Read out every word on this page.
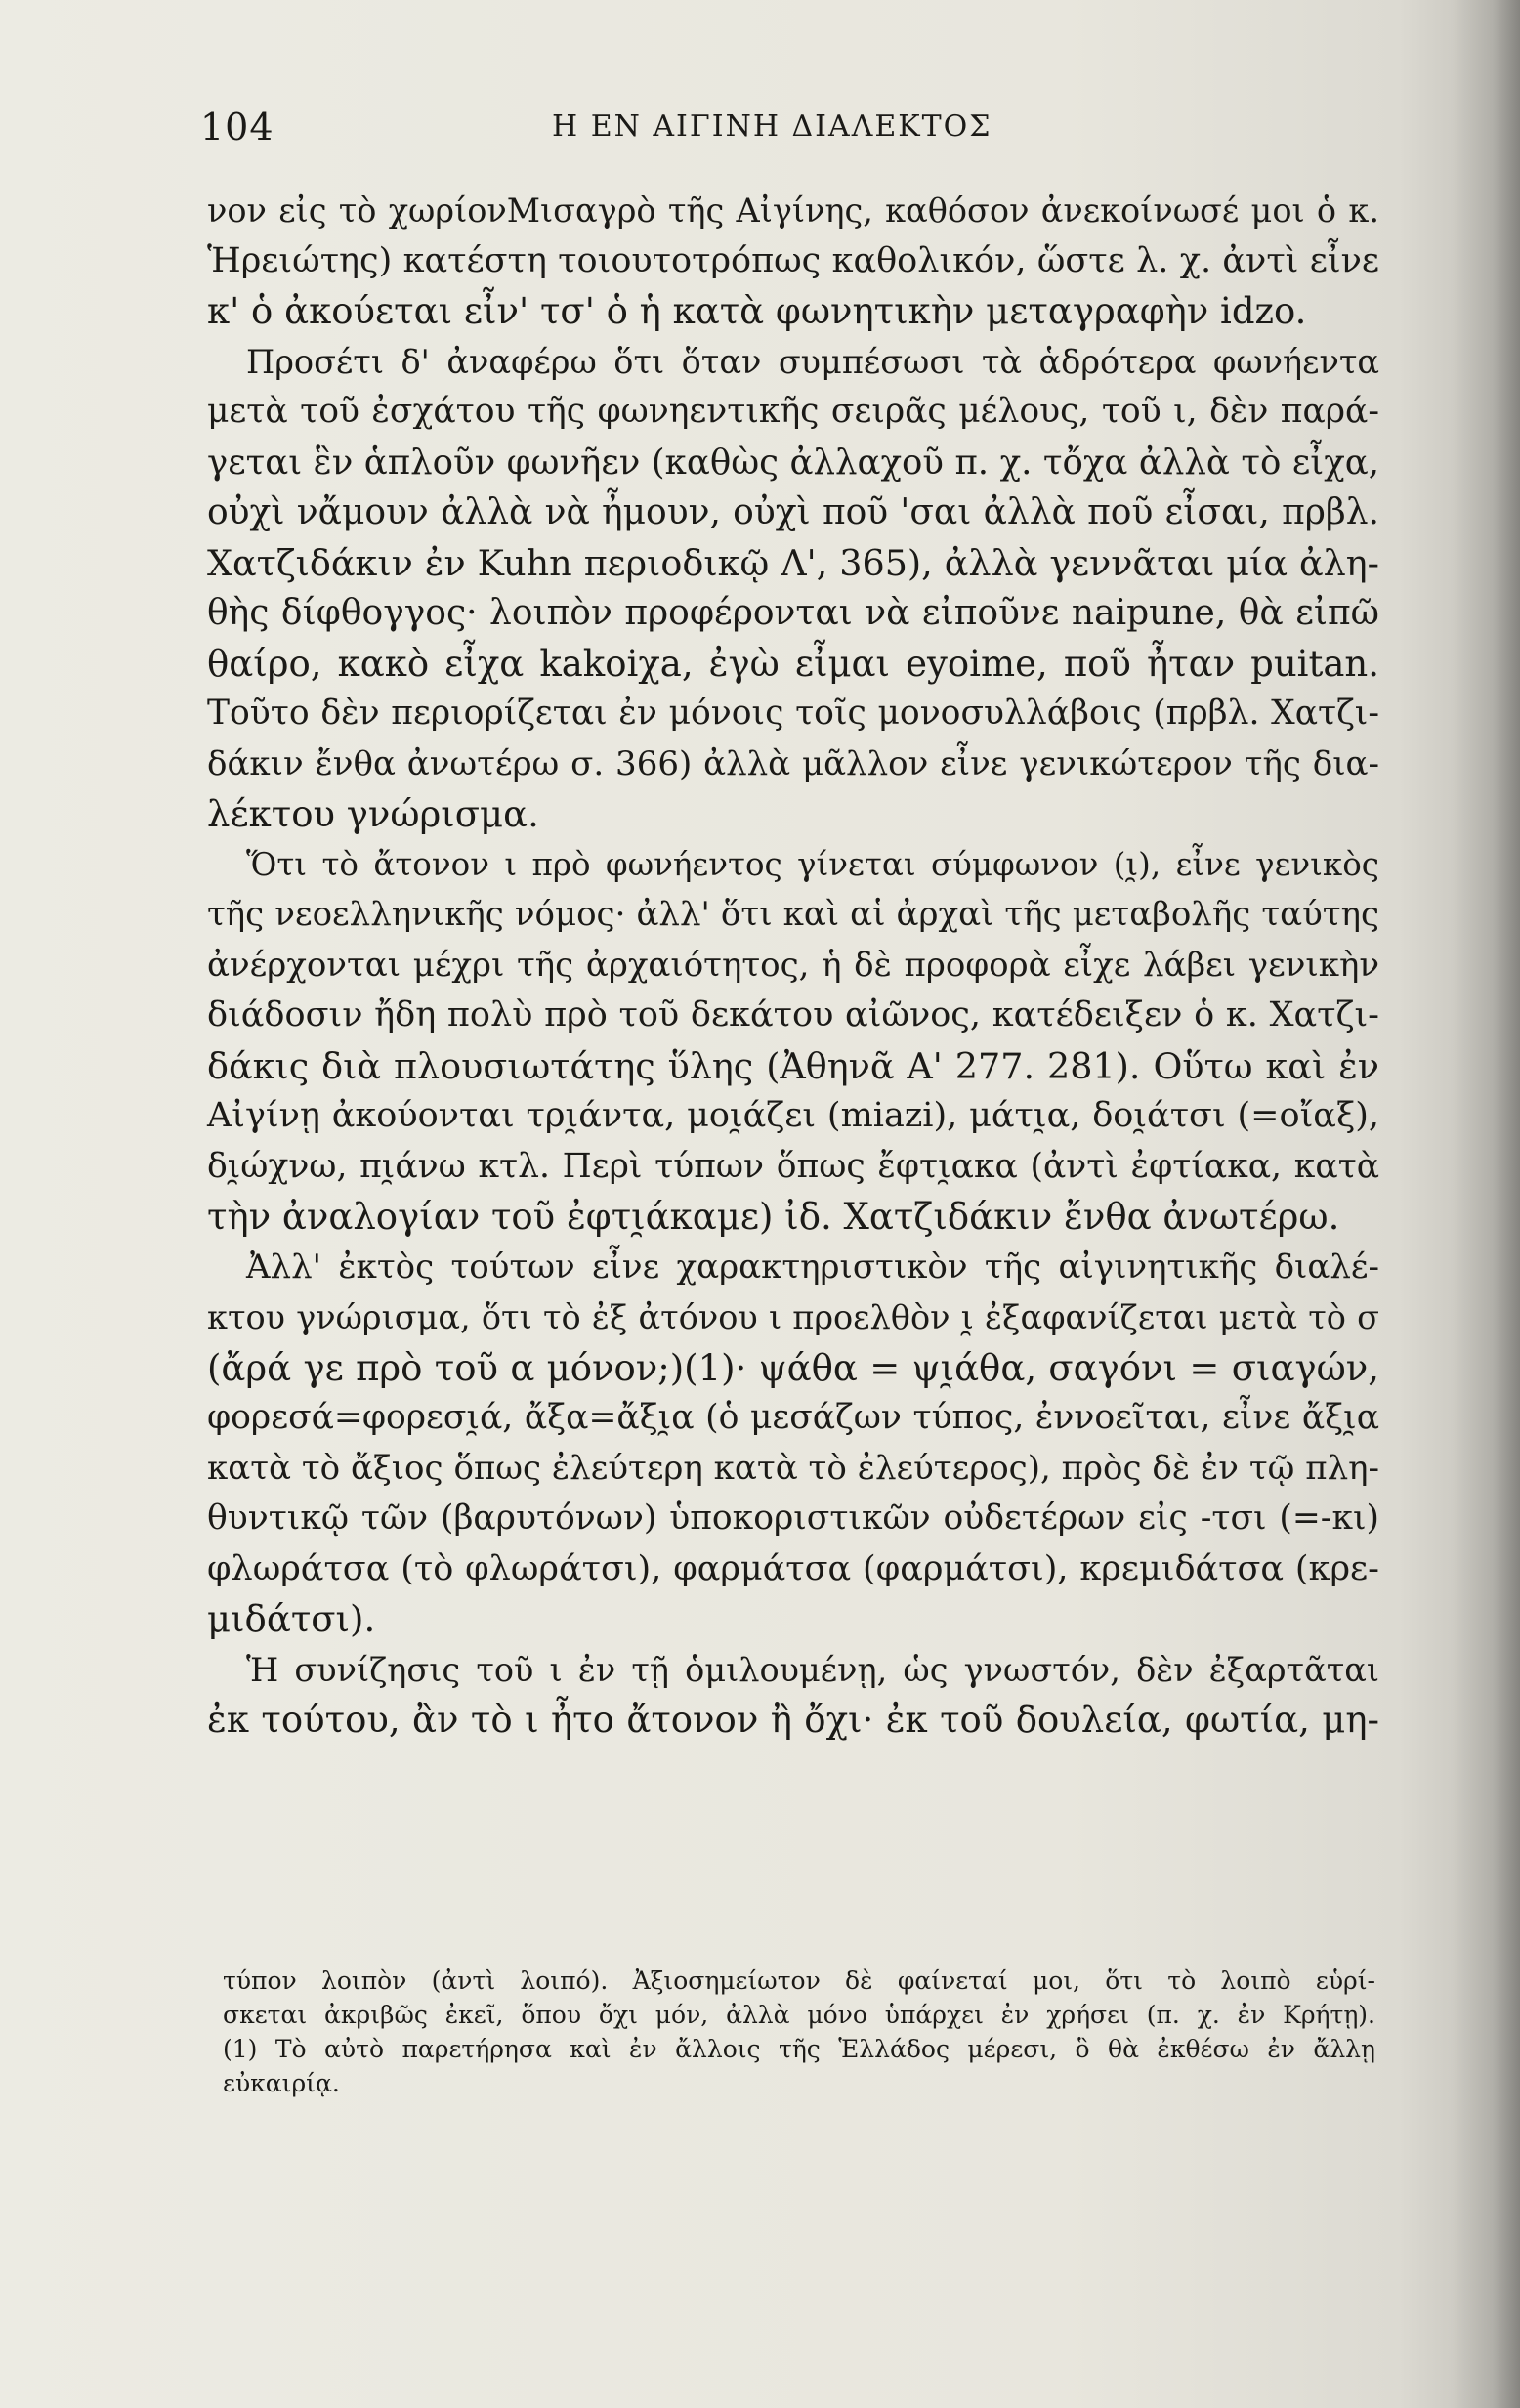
104	Η ΕΝ ΑΙΓΙΝΗ ΔΙΑΛΕΚΤΟΣ
νον εἰς τὸ χωρίονΜισαγρὸ τῆς Αἰγίνης, καθόσον ἀνεκοίνωσέ μοι ὁ κ.
Ἡρειώτης) κατέστη τοιουτοτρόπως καθολικόν, ὥστε λ. χ. ἀντὶ εἶνε
κ' ὁ ἀκούεται εἶν' τσ' ὁ ἡ κατὰ φωνητικὴν μεταγραφὴν idzo.
Προσέτι δ' ἀναφέρω ὅτι ὅταν συμπέσωσι τὰ ἁδρότερα φωνήεντα
μετὰ τοῦ ἐσχάτου τῆς φωνηεντικῆς σειρᾶς μέλους, τοῦ ι, δὲν παρά-
γεται ἓν ἁπλοῦν φωνῆεν (καθὼς ἀλλαχοῦ π. χ. τὄχα ἀλλὰ τὸ εἶχα,
οὐχὶ νἄμουν ἀλλὰ νὰ ἦμουν, οὐχὶ ποῦ 'σαι ἀλλὰ ποῦ εἶσαι, πρβλ.
Χατζιδάκιν ἐν Kuhn περιοδικῷ Λ', 365), ἀλλὰ γεννᾶται μία ἀλη-
θὴς δίφθογγος· λοιπὸν προφέρονται νὰ εἰποῦνε naipune, θὰ εἰπῶ
θαίρο, κακὸ εἶχα kakoiχa, ἐγὼ εἶμαι eyoime, ποῦ ἦταν puitan.
Τοῦτο δὲν περιορίζεται ἐν μόνοις τοῖς μονοσυλλάβοις (πρβλ. Χατζι-
δάκιν ἔνθα ἀνωτέρω σ. 366) ἀλλὰ μᾶλλον εἶνε γενικώτερον τῆς δια-
λέκτου γνώρισμα.
Ὅτι τὸ ἄτονον ι πρὸ φωνήεντος γίνεται σύμφωνον (ι̯), εἶνε γενικὸς
τῆς νεοελληνικῆς νόμος· ἀλλ' ὅτι καὶ αἱ ἀρχαὶ τῆς μεταβολῆς ταύτης
ἀνέρχονται μέχρι τῆς ἀρχαιότητος, ἡ δὲ προφορὰ εἶχε λάβει γενικὴν
διάδοσιν ἤδη πολὺ πρὸ τοῦ δεκάτου αἰῶνος, κατέδειξεν ὁ κ. Χατζι-
δάκις διὰ πλουσιωτάτης ὕλης (Ἀθηνᾶ Α' 277. 281). Οὕτω καὶ ἐν
Αἰγίνῃ ἀκούονται τρι̯άντα, μοι̯άζει (miazi), μάτι̯α, δοι̯άτσι (=οἴαξ),
δι̯ώχνω, πι̯άνω κτλ. Περὶ τύπων ὅπως ἔφτι̯ακα (ἀντὶ ἐφτίακα, κατὰ
τὴν ἀναλογίαν τοῦ ἐφτι̯άκαμε) ἰδ. Χατζιδάκιν ἔνθα ἀνωτέρω.
Ἀλλ' ἐκτὸς τούτων εἶνε χαρακτηριστικὸν τῆς αἰγινητικῆς διαλέ-
κτου γνώρισμα, ὅτι τὸ ἐξ ἀτόνου ι προελθὸν ι̯ ἐξαφανίζεται μετὰ τὸ σ
(ἄρά γε πρὸ τοῦ α μόνον;)(1)· ψάθα = ψι̯άθα, σαγόνι = σιαγών,
φορεσά=φορεσι̯ά, ἄξα=ἄξι̯α (ὁ μεσάζων τύπος, ἐννοεῖται, εἶνε ἄξι̯α
κατὰ τὸ ἄξιος ὅπως ἐλεύτερη κατὰ τὸ ἐλεύτερος), πρὸς δὲ ἐν τῷ πλη-
θυντικῷ τῶν (βαρυτόνων) ὑποκοριστικῶν οὐδετέρων εἰς -τσι (=-κι)
φλωράτσα (τὸ φλωράτσι), φαρμάτσα (φαρμάτσι), κρεμιδάτσα (κρε-
μιδάτσι).
Ἡ συνίζησις τοῦ ι ἐν τῇ ὁμιλουμένῃ, ὡς γνωστόν, δὲν ἐξαρτᾶται
ἐκ τούτου, ἂν τὸ ι ἦτο ἄτονον ἢ ὄχι· ἐκ τοῦ δουλεία, φωτία, μη-
τύπον λοιπὸν (ἀντὶ λοιπό). Ἀξιοσημείωτον δὲ φαίνεταί μοι, ὅτι τὸ λοιπὸ εὑρί-
σκεται ἀκριβῶς ἐκεῖ, ὅπου ὄχι μόν, ἀλλὰ μόνο ὑπάρχει ἐν χρήσει (π. χ. ἐν Κρήτῃ).
(1) Τὸ αὐτὸ παρετήρησα καὶ ἐν ἄλλοις τῆς Ἑλλάδος μέρεσι, ὃ θὰ ἐκθέσω ἐν ἄλλῃ
εὐκαιρίᾳ.
